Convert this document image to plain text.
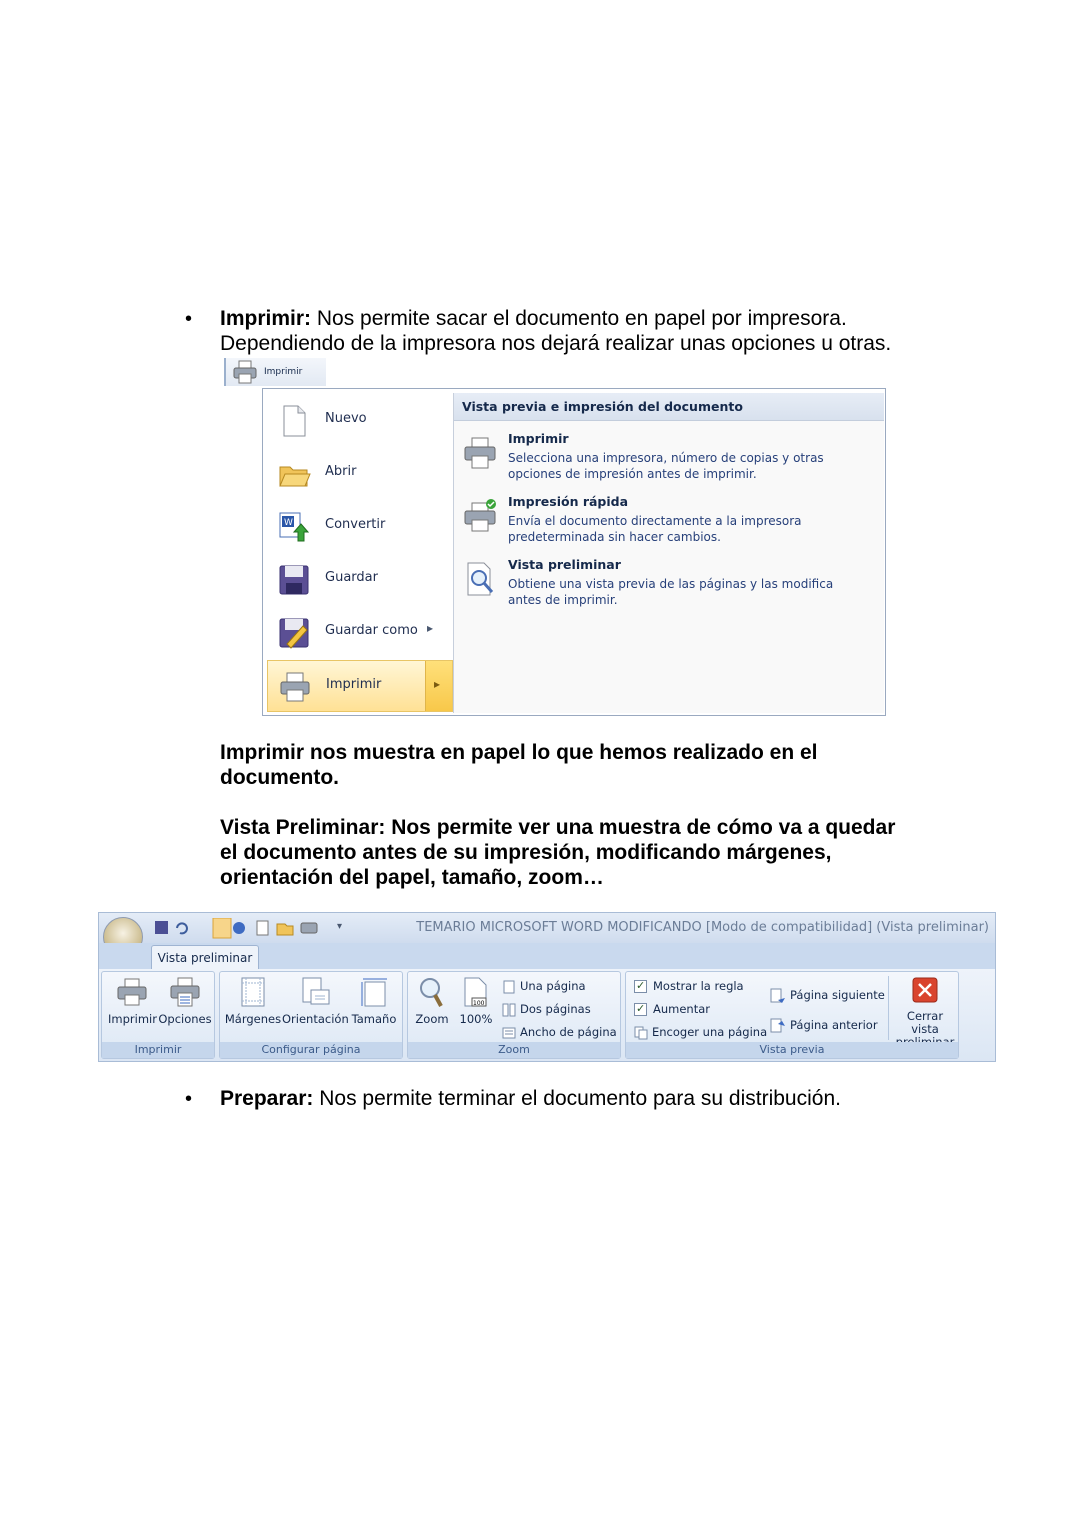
• Imprimir: Nos permite sacar el documento en papel por impresora.
Dependiendo de la impresora nos dejará realizar unas opciones u otras.
Imprimir
Nuevo
Abrir
W Convertir
Guardar
Guardar como ▸
Imprimir	▸
Vista previa e impresión del documento
Imprimir
Selecciona una impresora, número de copias y otras opciones de impresión antes de imprimir.
Impresión rápida
Envía el documento directamente a la impresora predeterminada sin hacer cambios.
Vista preliminar
Obtiene una vista previa de las páginas y las modifica antes de imprimir.
Imprimir nos muestra en papel lo que hemos realizado en el
documento.
Vista Preliminar: Nos permite ver una muestra de cómo va a quedar
el documento antes de su impresión, modificando márgenes,
orientación del papel, tamaño, zoom…
▾	TEMARIO MICROSOFT WORD MODIFICANDO [Modo de compatibilidad] (Vista preliminar)
Vista preliminar
Imprimir Opciones
Imprimir
Márgenes Orientación Tamaño
Configurar página
Zoom
100
100%
Una página
Dos páginas
Ancho de página
Zoom
✓Mostrar la regla
✓Aumentar
Encoger una página
Página siguiente
Página anterior
Cerrar vista

Vista previa
• Preparar: Nos permite terminar el documento para su distribución.
